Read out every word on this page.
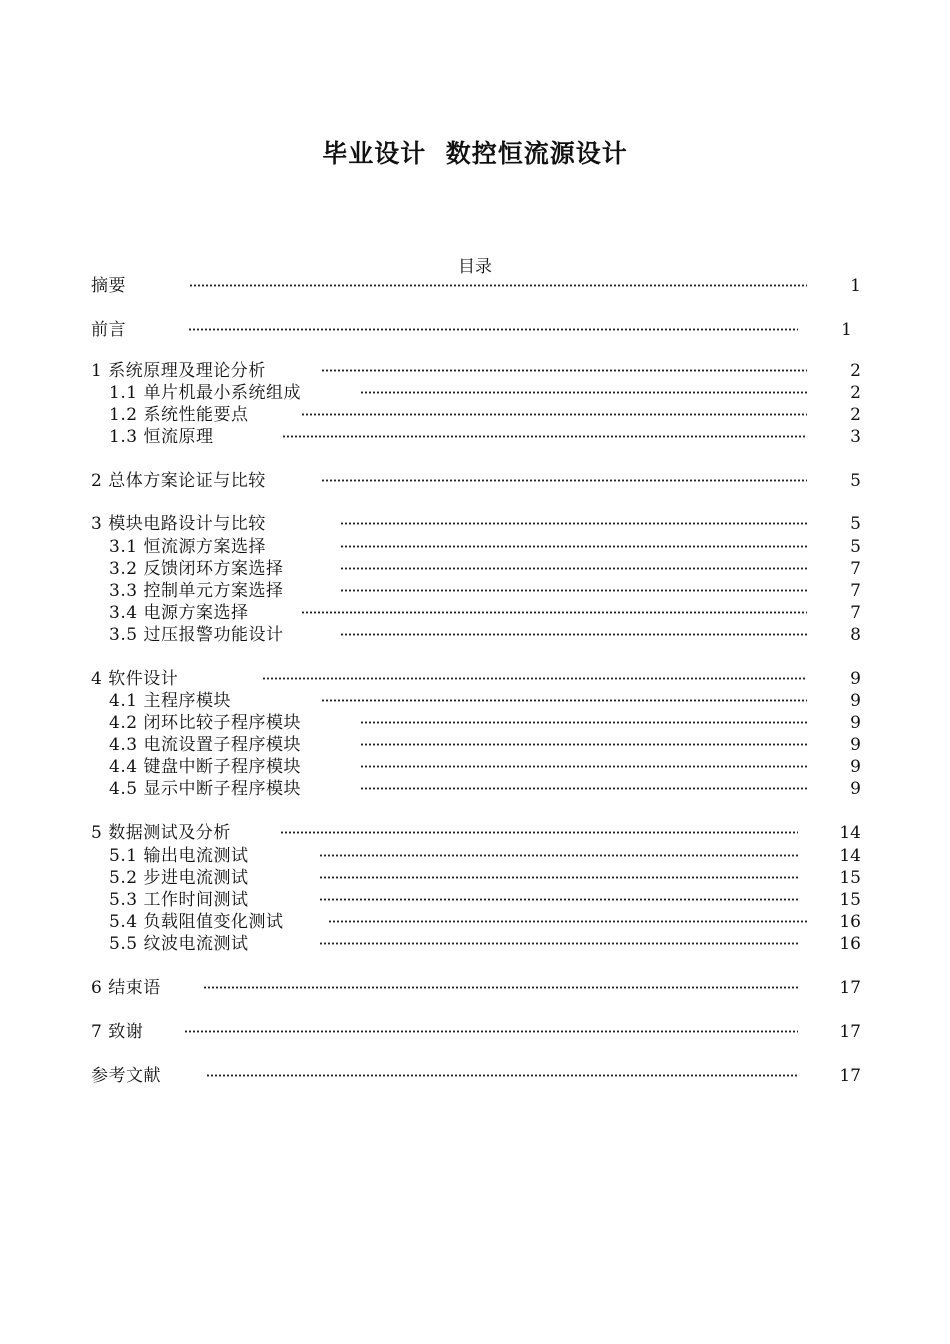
毕业设计  数控恒流源设计
目录
摘要	1
前言	1
1 系统原理及理论分析	2
1.1 单片机最小系统组成	2
1.2 系统性能要点	2
1.3 恒流原理	3
2 总体方案论证与比较	5
3 模块电路设计与比较	5
3.1 恒流源方案选择	5
3.2 反馈闭环方案选择	7
3.3 控制单元方案选择	7
3.4 电源方案选择	7
3.5 过压报警功能设计	8
4 软件设计	9
4.1 主程序模块	9
4.2 闭环比较子程序模块	9
4.3 电流设置子程序模块	9
4.4 键盘中断子程序模块	9
4.5 显示中断子程序模块	9
5 数据测试及分析	14
5.1 输出电流测试	14
5.2 步进电流测试	15
5.3 工作时间测试	15
5.4 负载阻值变化测试	16
5.5 纹波电流测试	16
6 结束语	17
7 致谢	17
参考文献	17
